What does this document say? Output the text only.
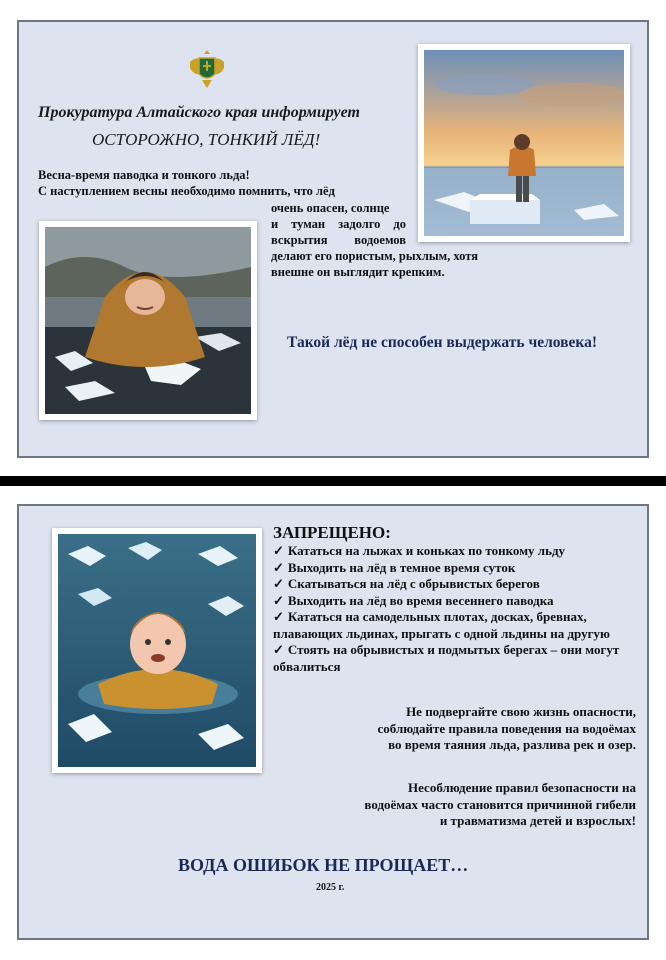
Прокуратура Алтайского края информирует

ОСТОРОЖНО, ТОНКИЙ ЛЁД!

Весна-время паводка и тонкого льда!

С наступлением весны необходимо помнить, что лёд

очень опасен, солнце
и туман задолго до
вскрытия водоемов
делают его пористым, рыхлым, хотя
внешне он выглядит крепким.

Такой лёд не способен выдержать человека!

ЗАПРЕЩЕНО:

✓ Кататься на лыжах и коньках по тонкому льду
✓ Выходить на лёд в темное время суток
✓ Скатываться на лёд с обрывистых берегов
✓ Выходить на лёд во время весеннего паводка
✓ Кататься на самодельных плотах, досках, бревнах, плавающих льдинах, прыгать с одной льдины на другую
✓ Стоять на обрывистых и подмытых берегах – они могут обвалиться
Не подвергайте свою жизнь опасности,
соблюдайте правила поведения на водоёмах
во время таяния льда, разлива рек и озер.
Несоблюдение правил безопасности на
водоёмах часто становится причинной гибели
и травматизма детей и взрослых!

ВОДА ОШИБОК НЕ ПРОЩАЕТ…

2025 г.
